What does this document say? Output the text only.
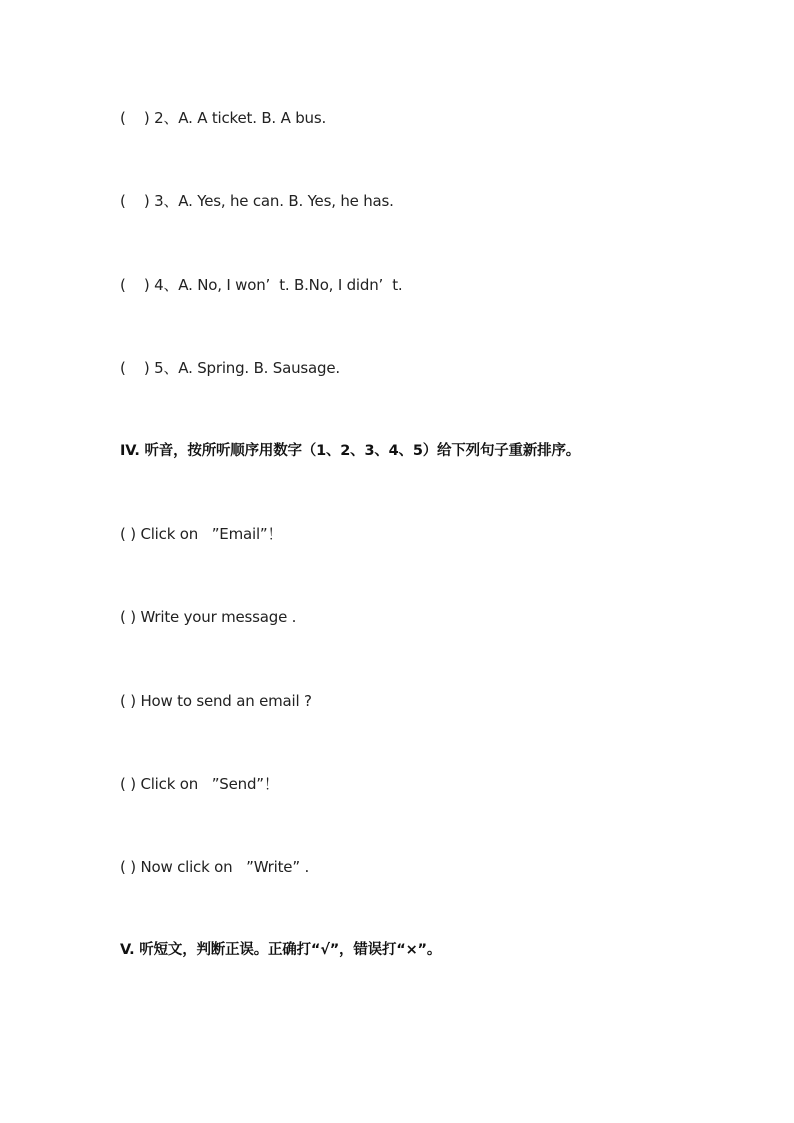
(    ) 2、A. A ticket. B. A bus.
(    ) 3、A. Yes, he can. B. Yes, he has.
(    ) 4、A. No, I won’  t. B.No, I didn’  t.
(    ) 5、A. Spring. B. Sausage.
IV. 听音，按所听顺序用数字（1、2、3、4、5）给下列句子重新排序。
( ) Click on   ”Email”！
( ) Write your message .
( ) How to send an email ?
( ) Click on   ”Send”！
( ) Now click on   ”Write” .
V. 听短文，判断正误。正确打“√”，错误打“×”。
